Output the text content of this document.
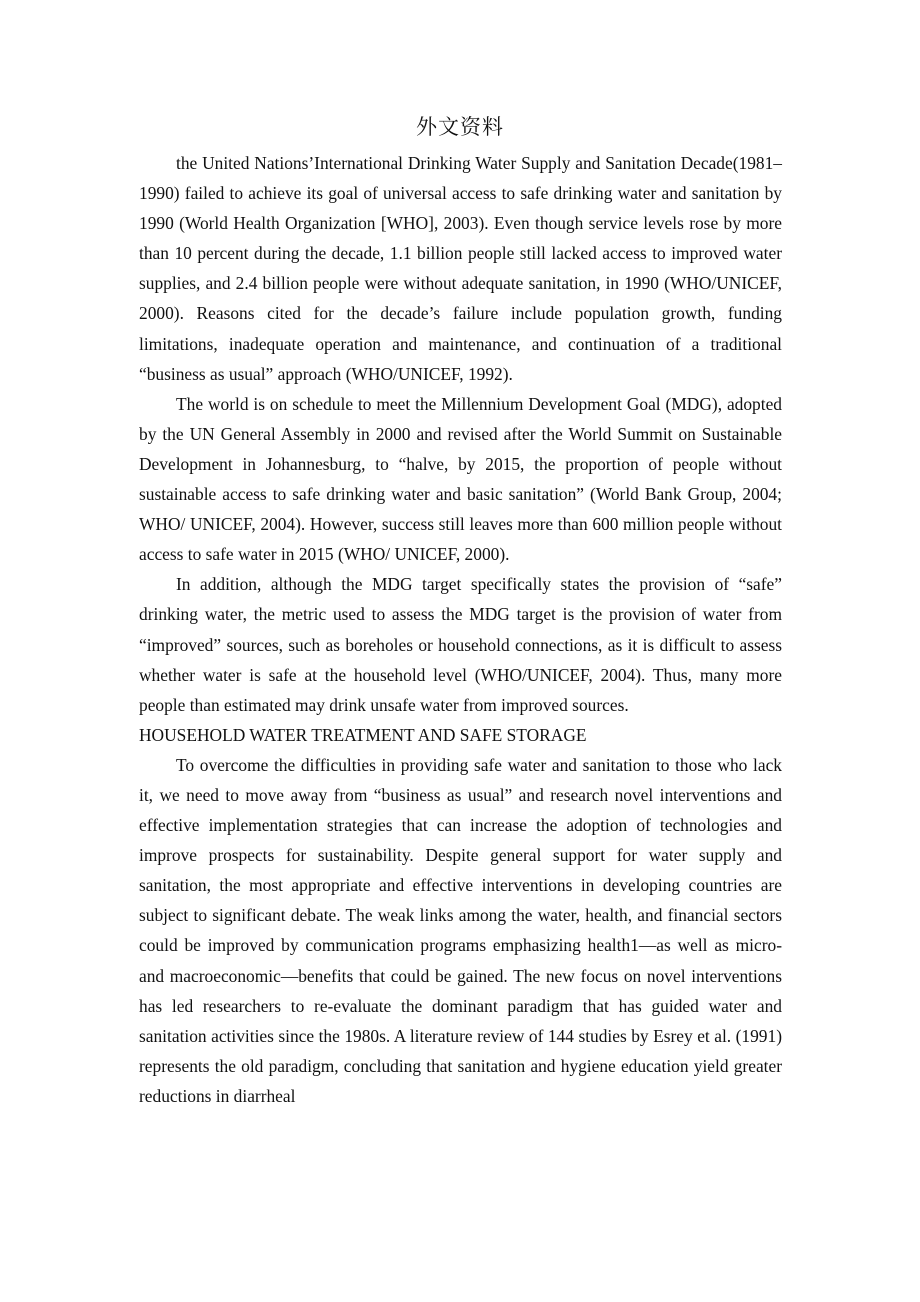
外文资料

the United Nations’International Drinking Water Supply and Sanitation Decade(1981–1990) failed to achieve its goal of universal access to safe drinking water and sanitation by 1990 (World Health Organization [WHO], 2003). Even though service levels rose by more than 10 percent during the decade, 1.1 billion people still lacked access to improved water supplies, and 2.4 billion people were without adequate sanitation, in 1990 (WHO/UNICEF, 2000). Reasons cited for the decade’s failure include population growth, funding limitations, inadequate operation and maintenance, and continuation of a traditional “business as usual” approach (WHO/UNICEF, 1992).

The world is on schedule to meet the Millennium Development Goal (MDG), adopted by the UN General Assembly in 2000 and revised after the World Summit on Sustainable Development in Johannesburg, to “halve, by 2015, the proportion of people without sustainable access to safe drinking water and basic sanitation” (World Bank Group, 2004; WHO/ UNICEF, 2004). However, success still leaves more than 600 million people without access to safe water in 2015 (WHO/ UNICEF, 2000).

In addition, although the MDG target specifically states the provision of “safe” drinking water, the metric used to assess the MDG target is the provision of water from “improved” sources, such as boreholes or household connections, as it is difficult to assess whether water is safe at the household level (WHO/UNICEF, 2004). Thus, many more people than estimated may drink unsafe water from improved sources.

HOUSEHOLD WATER TREATMENT AND SAFE STORAGE

To overcome the difficulties in providing safe water and sanitation to those who lack it, we need to move away from “business as usual” and research novel interventions and effective implementation strategies that can increase the adoption of technologies and improve prospects for sustainability. Despite general support for water supply and sanitation, the most appropriate and effective interventions in developing countries are subject to significant debate. The weak links among the water, health, and financial sectors could be improved by communication programs emphasizing health1—as well as micro- and macroeconomic—benefits that could be gained. The new focus on novel interventions has led researchers to re-evaluate the dominant paradigm that has guided water and sanitation activities since the 1980s. A literature review of 144 studies by Esrey et al. (1991) represents the old paradigm, concluding that sanitation and hygiene education yield greater reductions in diarrheal
